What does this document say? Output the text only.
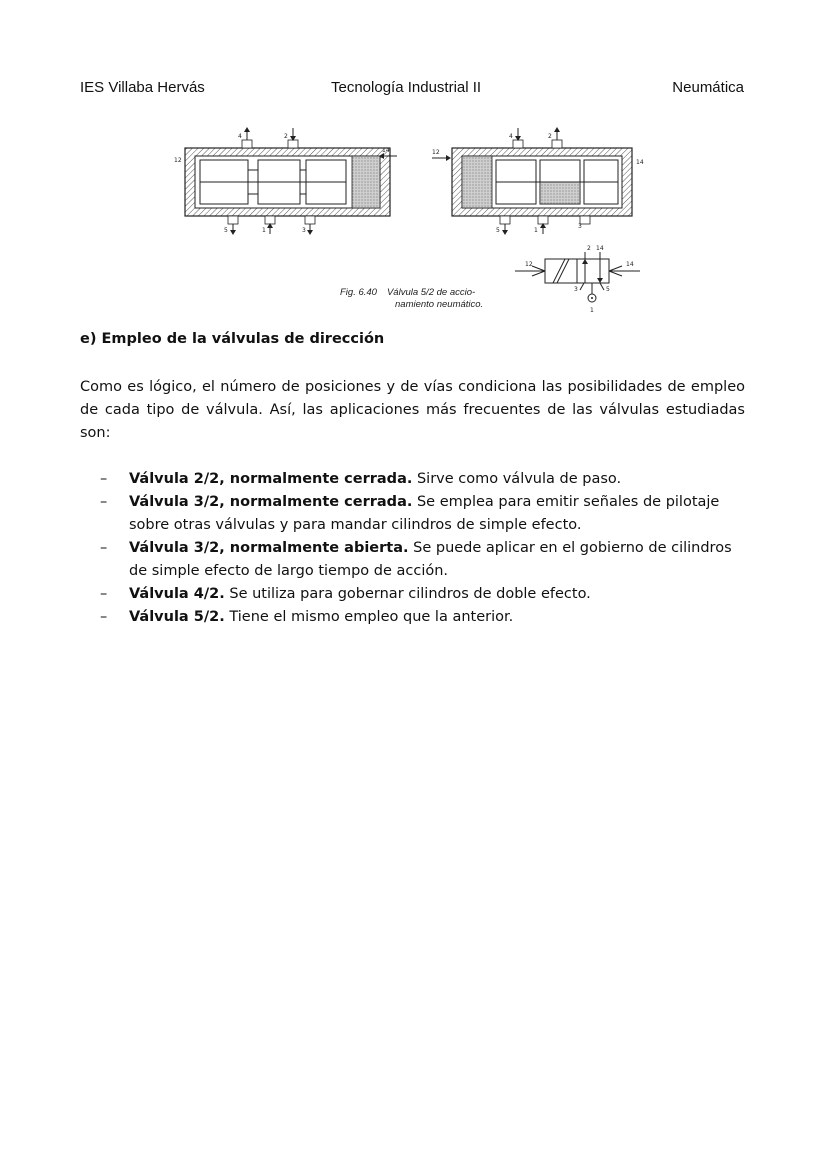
IES Villaba Hervás	Tecnología Industrial II	Neumática
4	2
12
14
5	1	3
4	2
12
14
5	1
3
12	14
2 14
3	5
1
Fig. 6.40 Válvula 5/2 de accio-
namiento neumático.
e) Empleo de la válvulas de dirección
Como es lógico, el número de posiciones y de vías condiciona las posibilidades de empleo de cada tipo de válvula. Así, las aplicaciones más frecuentes de las válvulas estudiadas son:
– Válvula 2/2, normalmente cerrada. Sirve como válvula de paso.
– Válvula 3/2, normalmente cerrada. Se emplea para emitir señales de pilotaje sobre otras válvulas y para mandar cilindros de simple efecto.
– Válvula 3/2, normalmente abierta. Se puede aplicar en el gobierno de cilindros de simple efecto de largo tiempo de acción.
– Válvula 4/2. Se utiliza para gobernar cilindros de doble efecto.
– Válvula 5/2. Tiene el mismo empleo que la anterior.
